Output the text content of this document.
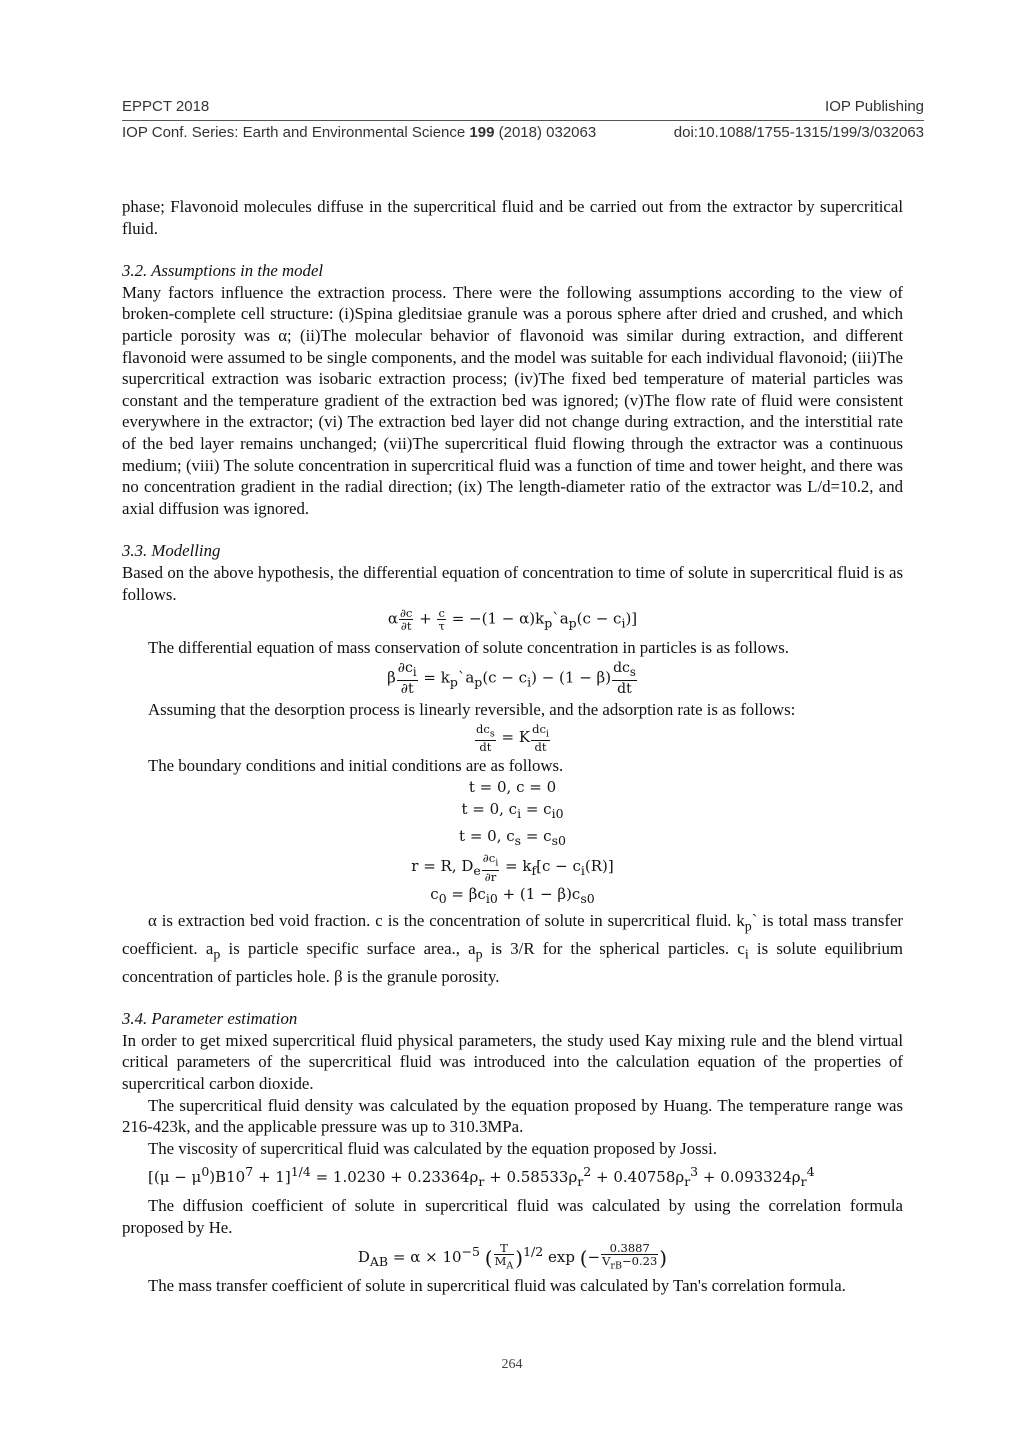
EPPCT 2018	IOP Publishing
IOP Conf. Series: Earth and Environmental Science 199 (2018) 032063	doi:10.1088/1755-1315/199/3/032063

phase; Flavonoid molecules diffuse in the supercritical fluid and be carried out from the extractor by supercritical fluid.

3.2. Assumptions in the model

Many factors influence the extraction process. There were the following assumptions according to the view of broken-complete cell structure: (i)Spina gleditsiae granule was a porous sphere after dried and crushed, and which particle porosity was α; (ii)The molecular behavior of flavonoid was similar during extraction, and different flavonoid were assumed to be single components, and the model was suitable for each individual flavonoid; (iii)The supercritical extraction was isobaric extraction process; (iv)The fixed bed temperature of material particles was constant and the temperature gradient of the extraction bed was ignored; (v)The flow rate of fluid were consistent everywhere in the extractor; (vi) The extraction bed layer did not change during extraction, and the interstitial rate of the bed layer remains unchanged; (vii)The supercritical fluid flowing through the extractor was a continuous medium; (viii) The solute concentration in supercritical fluid was a function of time and tower height, and there was no concentration gradient in the radial direction; (ix) The length-diameter ratio of the extractor was L/d=10.2, and axial diffusion was ignored.

3.3. Modelling

Based on the above hypothesis, the differential equation of concentration to time of solute in supercritical fluid is as follows.

α $\frac{\partial c}{\partial t} + \frac{c}{\tau} = -(1$ − $\alpha)k_p`a_p(c - c_i)$]

The differential equation of mass conservation of solute concentration in particles is as follows.

β $\frac{\partial c_i}{\partial t}$ = $k_p`a_p(c - c_i) - (1 - \beta) \frac{dc_s}{dt}$

Assuming that the desorption process is linearly reversible, and the adsorption rate is as follows:

$\frac{dc_s}{dt} = K \frac{dc_i}{dt}$

The boundary conditions and initial conditions are as follows.

t = 0, c = 0
t = 0, $c_i = c_{i0}$
t = 0, $c_s = c_{s0}$
r = R, $D_e \frac{\partial c_i}{\partial r} = k_f[c - c_i(R)]$
$c_0 = \beta c_{i0} + (1 - \beta)c_{s0}$

α is extraction bed void fraction. c is the concentration of solute in supercritical fluid. $k_p`$ is total mass transfer coefficient. $a_p$ is particle specific surface area., $a_p$ is 3/R for the spherical particles. $c_i$ is solute equilibrium concentration of particles hole. β is the granule porosity.

3.4. Parameter estimation

In order to get mixed supercritical fluid physical parameters, the study used Kay mixing rule and the blend virtual critical parameters of the supercritical fluid was introduced into the calculation equation of the properties of supercritical carbon dioxide.

The supercritical fluid density was calculated by the equation proposed by Huang. The temperature range was 216-423k, and the applicable pressure was up to 310.3MPa.

The viscosity of supercritical fluid was calculated by the equation proposed by Jossi.

$[(\mu - \mu^0)B10^7 + 1]^{1/4} = 1.0230 + 0.23364\rho_r + 0.58533\rho_r^2 + 0.40758\rho_r^3 + 0.093324\rho_r^4$

The diffusion coefficient of solute in supercritical fluid was calculated by using the correlation formula proposed by He.

$D_{AB} = \alpha \times 10^{-5}$ ( $\frac{T}{M_A} )^{1/2}$ exp (− $\frac{0.3887}{V_{rB}-0.23}$ )

The mass transfer coefficient of solute in supercritical fluid was calculated by Tan's correlation formula.

264
